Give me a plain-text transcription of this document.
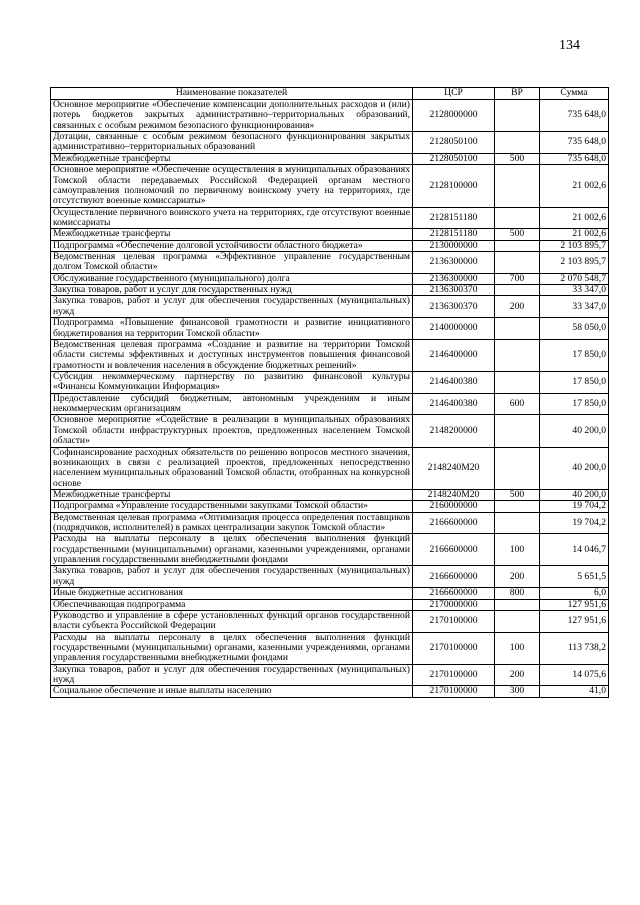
134
Наименование показателей	ЦСР	ВР	Сумма
Основное мероприятие «Обеспечение компенсации дополнительных расходов и (или) потерь бюджетов закрытых административно–территориальных образований, связанных с особым режимом безопасного функционирования»	2128000000		735 648,0
Дотации, связанные с особым режимом безопасного функционирования закрытых административно–территориальных образований	2128050100		735 648,0
Межбюджетные трансферты	2128050100	500	735 648,0
Основное мероприятие «Обеспечение осуществления в муниципальных образованиях Томской области передаваемых Российской Федерацией органам местного самоуправления полномочий по первичному воинскому учету на территориях, где отсутствуют военные комиссариаты»	2128100000		21 002,6
Осуществление первичного воинского учета на территориях, где отсутствуют военные комиссариаты	2128151180		21 002,6
Межбюджетные трансферты	2128151180	500	21 002,6
Подпрограмма «Обеспечение долговой устойчивости областного бюджета»	2130000000		2 103 895,7
Ведомственная целевая программа «Эффективное управление государственным долгом Томской области»	2136300000		2 103 895,7
Обслуживание государственного (муниципального) долга	2136300000	700	2 070 548,7
Закупка товаров, работ и услуг для государственных нужд	2136300370		33 347,0
Закупка товаров, работ и услуг для обеспечения государственных (муниципальных) нужд	2136300370	200	33 347,0
Подпрограмма «Повышение финансовой грамотности и развитие инициативного бюджетирования на территории Томской области»	2140000000		58 050,0
Ведомственная целевая программа «Создание и развитие на территории Томской области системы эффективных и доступных инструментов повышения финансовой грамотности и вовлечения населения в обсуждение бюджетных решений»	2146400000		17 850,0
Субсидия некоммерческому партнерству по развитию финансовой культуры «Финансы Коммуникации Информация»	2146400380		17 850,0
Предоставление субсидий бюджетным, автономным учреждениям и иным некоммерческим организациям	2146400380	600	17 850,0
Основное мероприятие «Содействие в реализации в муниципальных образованиях Томской области инфраструктурных проектов, предложенных населением Томской области»	2148200000		40 200,0
Софинансирование расходных обязательств по решению вопросов местного значения, возникающих в связи с реализацией проектов, предложенных непосредственно населением муниципальных образований Томской области, отобранных на конкурсной основе	2148240M20		40 200,0
Межбюджетные трансферты	2148240M20	500	40 200,0
Подпрограмма «Управление государственными закупками Томской области»	2160000000		19 704,2
Ведомственная целевая программа «Оптимизация процесса определения поставщиков (подрядчиков, исполнителей) в рамках централизации закупок Томской области»	2166600000		19 704,2
Расходы на выплаты персоналу в целях обеспечения выполнения функций государственными (муниципальными) органами, казенными учреждениями, органами управления государственными внебюджетными фондами	2166600000	100	14 046,7
Закупка товаров, работ и услуг для обеспечения государственных (муниципальных) нужд	2166600000	200	5 651,5
Иные бюджетные ассигнования	2166600000	800	6,0
Обеспечивающая подпрограмма	2170000000		127 951,6
Руководство и управление в сфере установленных функций органов государственной власти субъекта Российской Федерации	2170100000		127 951,6
Расходы на выплаты персоналу в целях обеспечения выполнения функций государственными (муниципальными) органами, казенными учреждениями, органами управления государственными внебюджетными фондами	2170100000	100	113 738,2
Закупка товаров, работ и услуг для обеспечения государственных (муниципальных) нужд	2170100000	200	14 075,6
Социальное обеспечение и иные выплаты населению	2170100000	300	41,0
